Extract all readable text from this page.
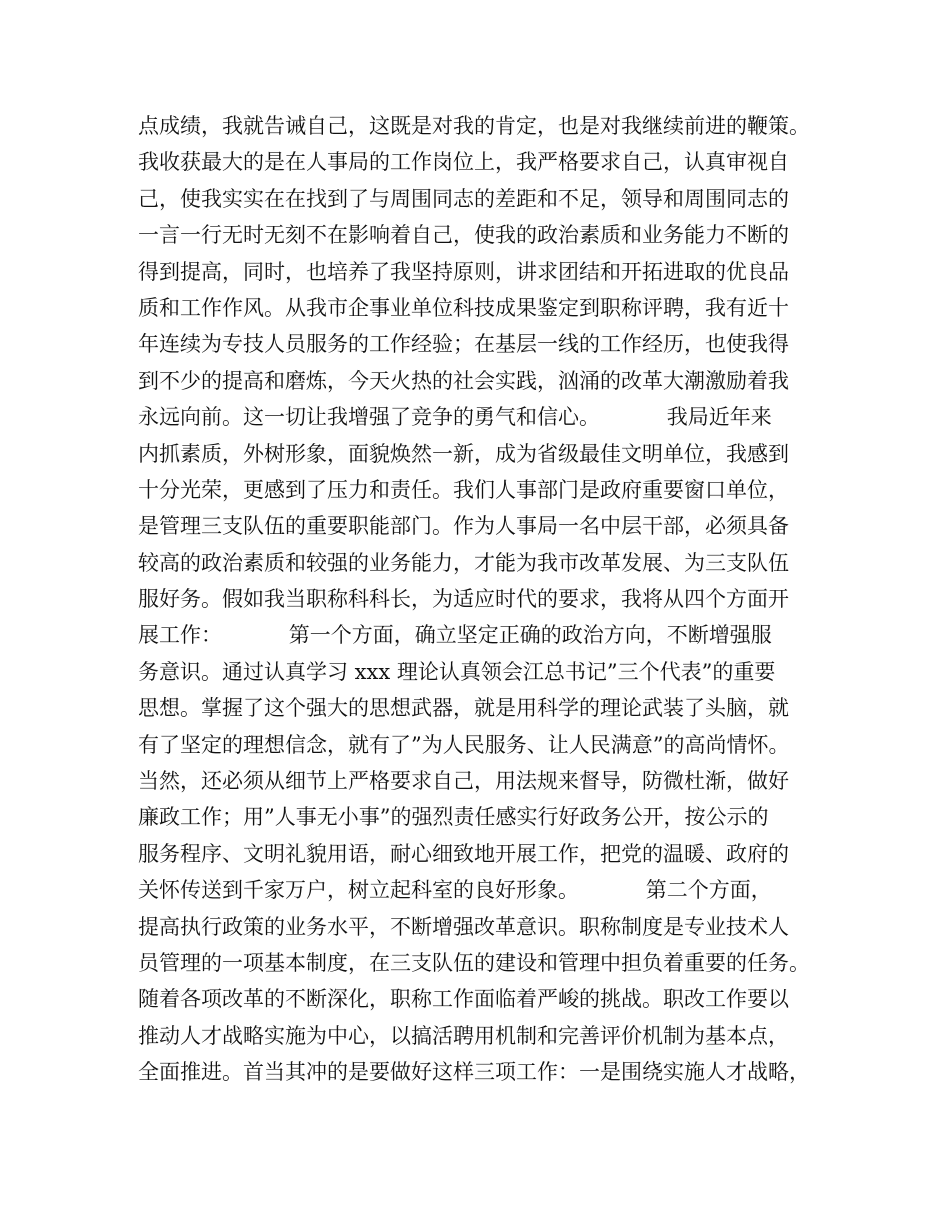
点成绩，我就告诫自己，这既是对我的肯定，也是对我继续前进的鞭策。
我收获最大的是在人事局的工作岗位上，我严格要求自己，认真审视自
己，使我实实在在找到了与周围同志的差距和不足，领导和周围同志的
一言一行无时无刻不在影响着自己，使我的政治素质和业务能力不断的
得到提高，同时，也培养了我坚持原则，讲求团结和开拓进取的优良品
质和工作作风。从我市企事业单位科技成果鉴定到职称评聘，我有近十
年连续为专技人员服务的工作经验；在基层一线的工作经历，也使我得
到不少的提高和磨炼，今天火热的社会实践，汹涌的改革大潮激励着我
永远向前。这一切让我增强了竞争的勇气和信心。          我局近年来
内抓素质，外树形象，面貌焕然一新，成为省级最佳文明单位，我感到
十分光荣，更感到了压力和责任。我们人事部门是政府重要窗口单位，
是管理三支队伍的重要职能部门。作为人事局一名中层干部，必须具备
较高的政治素质和较强的业务能力，才能为我市改革发展、为三支队伍
服好务。假如我当职称科科长，为适应时代的要求，我将从四个方面开
展工作：          第一个方面，确立坚定正确的政治方向，不断增强服
务意识。通过认真学习 xxx 理论认真领会江总书记”三个代表”的重要
思想。掌握了这个强大的思想武器，就是用科学的理论武装了头脑，就
有了坚定的理想信念，就有了”为人民服务、让人民满意”的高尚情怀。
当然，还必须从细节上严格要求自己，用法规来督导，防微杜渐，做好
廉政工作；用”人事无小事”的强烈责任感实行好政务公开，按公示的
服务程序、文明礼貌用语，耐心细致地开展工作，把党的温暖、政府的
关怀传送到千家万户，树立起科室的良好形象。          第二个方面，
提高执行政策的业务水平，不断增强改革意识。职称制度是专业技术人
员管理的一项基本制度，在三支队伍的建设和管理中担负着重要的任务。
随着各项改革的不断深化，职称工作面临着严峻的挑战。职改工作要以
推动人才战略实施为中心，以搞活聘用机制和完善评价机制为基本点，
全面推进。首当其冲的是要做好这样三项工作：一是围绕实施人才战略，
